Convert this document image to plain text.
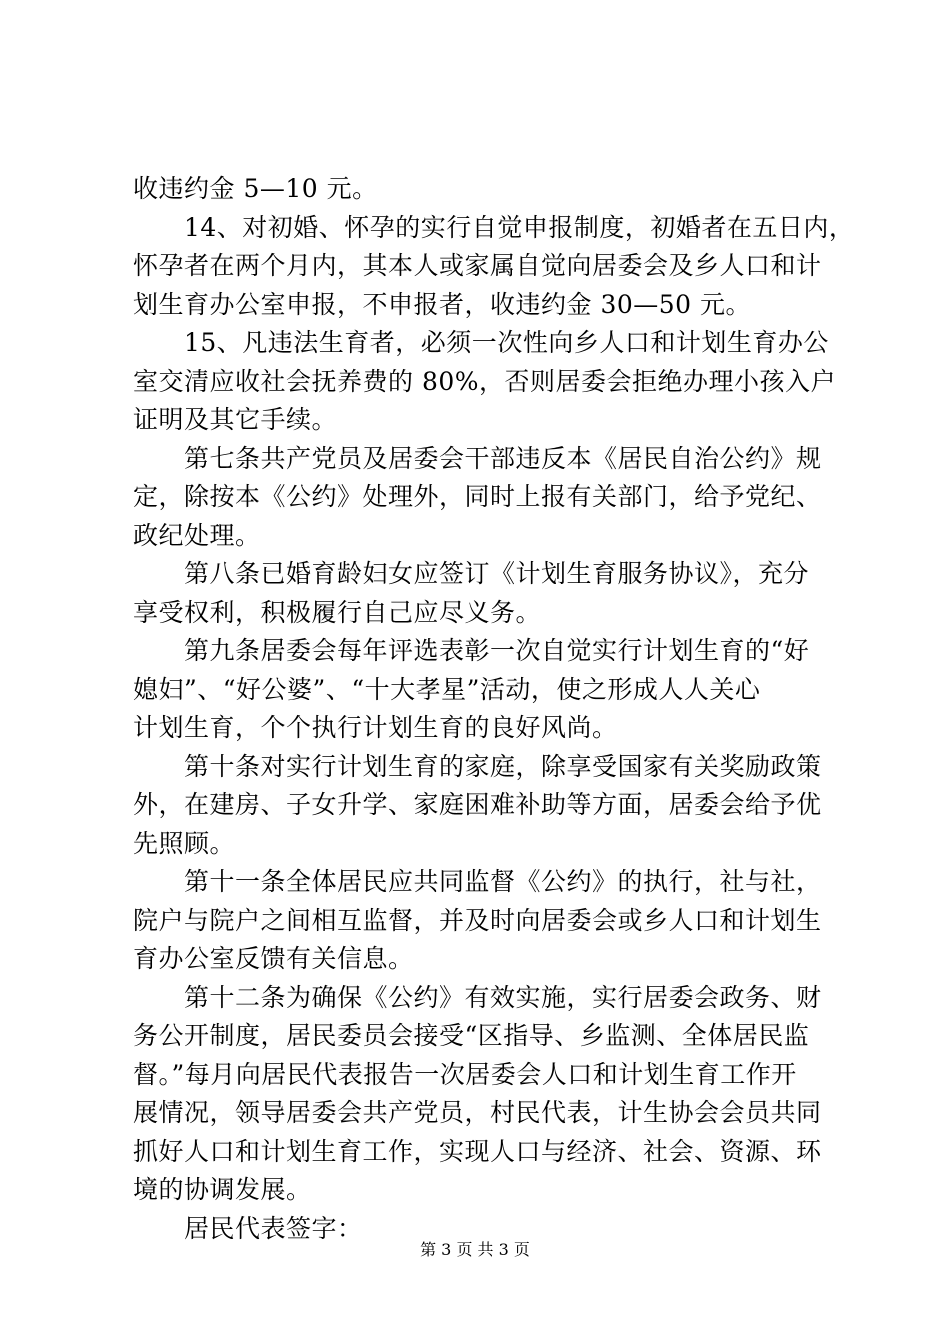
收违约金 5—10 元。
14、对初婚、怀孕的实行自觉申报制度，初婚者在五日内，
怀孕者在两个月内，其本人或家属自觉向居委会及乡人口和计
划生育办公室申报，不申报者，收违约金 30—50 元。
15、凡违法生育者，必须一次性向乡人口和计划生育办公
室交清应收社会抚养费的 80%，否则居委会拒绝办理小孩入户
证明及其它手续。
第七条共产党员及居委会干部违反本《居民自治公约》规
定，除按本《公约》处理外，同时上报有关部门，给予党纪、
政纪处理。
第八条已婚育龄妇女应签订《计划生育服务协议》，充分
享受权利，积极履行自己应尽义务。
第九条居委会每年评选表彰一次自觉实行计划生育的“好
媳妇”、“好公婆”、“十大孝星”活动，使之形成人人关心
计划生育，个个执行计划生育的良好风尚。
第十条对实行计划生育的家庭，除享受国家有关奖励政策
外，在建房、子女升学、家庭困难补助等方面，居委会给予优
先照顾。
第十一条全体居民应共同监督《公约》的执行，社与社，
院户与院户之间相互监督，并及时向居委会或乡人口和计划生
育办公室反馈有关信息。
第十二条为确保《公约》有效实施，实行居委会政务、财
务公开制度，居民委员会接受“区指导、乡监测、全体居民监
督。”每月向居民代表报告一次居委会人口和计划生育工作开
展情况，领导居委会共产党员，村民代表，计生协会会员共同
抓好人口和计划生育工作，实现人口与经济、社会、资源、环
境的协调发展。
居民代表签字：
第 3 页 共 3 页
